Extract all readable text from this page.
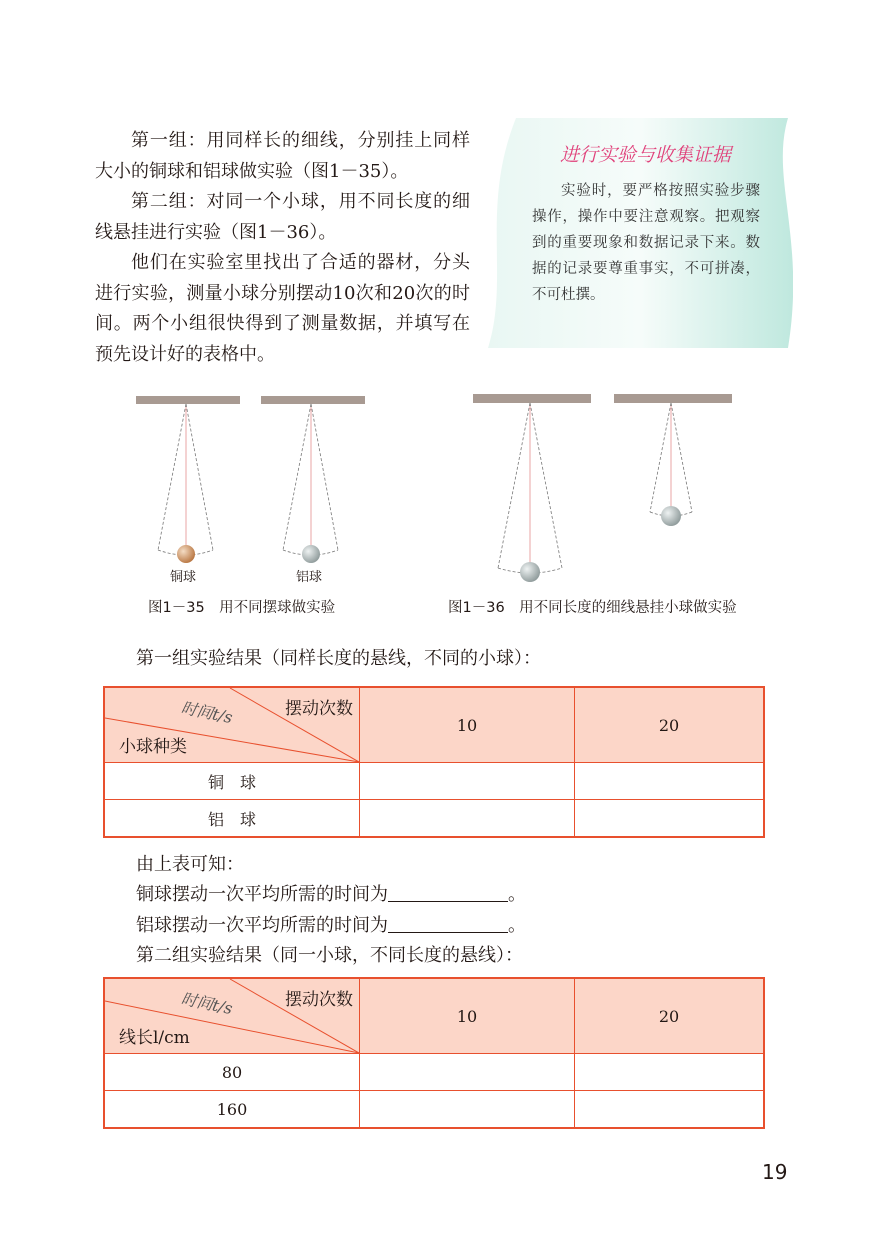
第一组：用同样长的细线，分别挂上同样大小的铜球和铝球做实验（图1－35）。

第二组：对同一个小球，用不同长度的细线悬挂进行实验（图1－36）。

他们在实验室里找出了合适的器材，分头进行实验，测量小球分别摆动10次和20次的时间。两个小组很快得到了测量数据，并填写在预先设计好的表格中。

进行实验与收集证据

实验时，要严格按照实验步骤操作，操作中要注意观察。把观察到的重要现象和数据记录下来。数据的记录要尊重事实，不可拼凑，不可杜撰。

铜球	铝球
图1－35　用不同摆球做实验	图1－36　用不同长度的细线悬挂小球做实验
第一组实验结果（同样长度的悬线，不同的小球）：
摆动次数
时间t/s
小球种类	10	20
铜　球		
铝　球		
由上表可知：
铜球摆动一次平均所需的时间为	。
铝球摆动一次平均所需的时间为	。
第二组实验结果（同一小球，不同长度的悬线）：
摆动次数
时间t/s
线长l/cm	10	20
80		
160		
19
